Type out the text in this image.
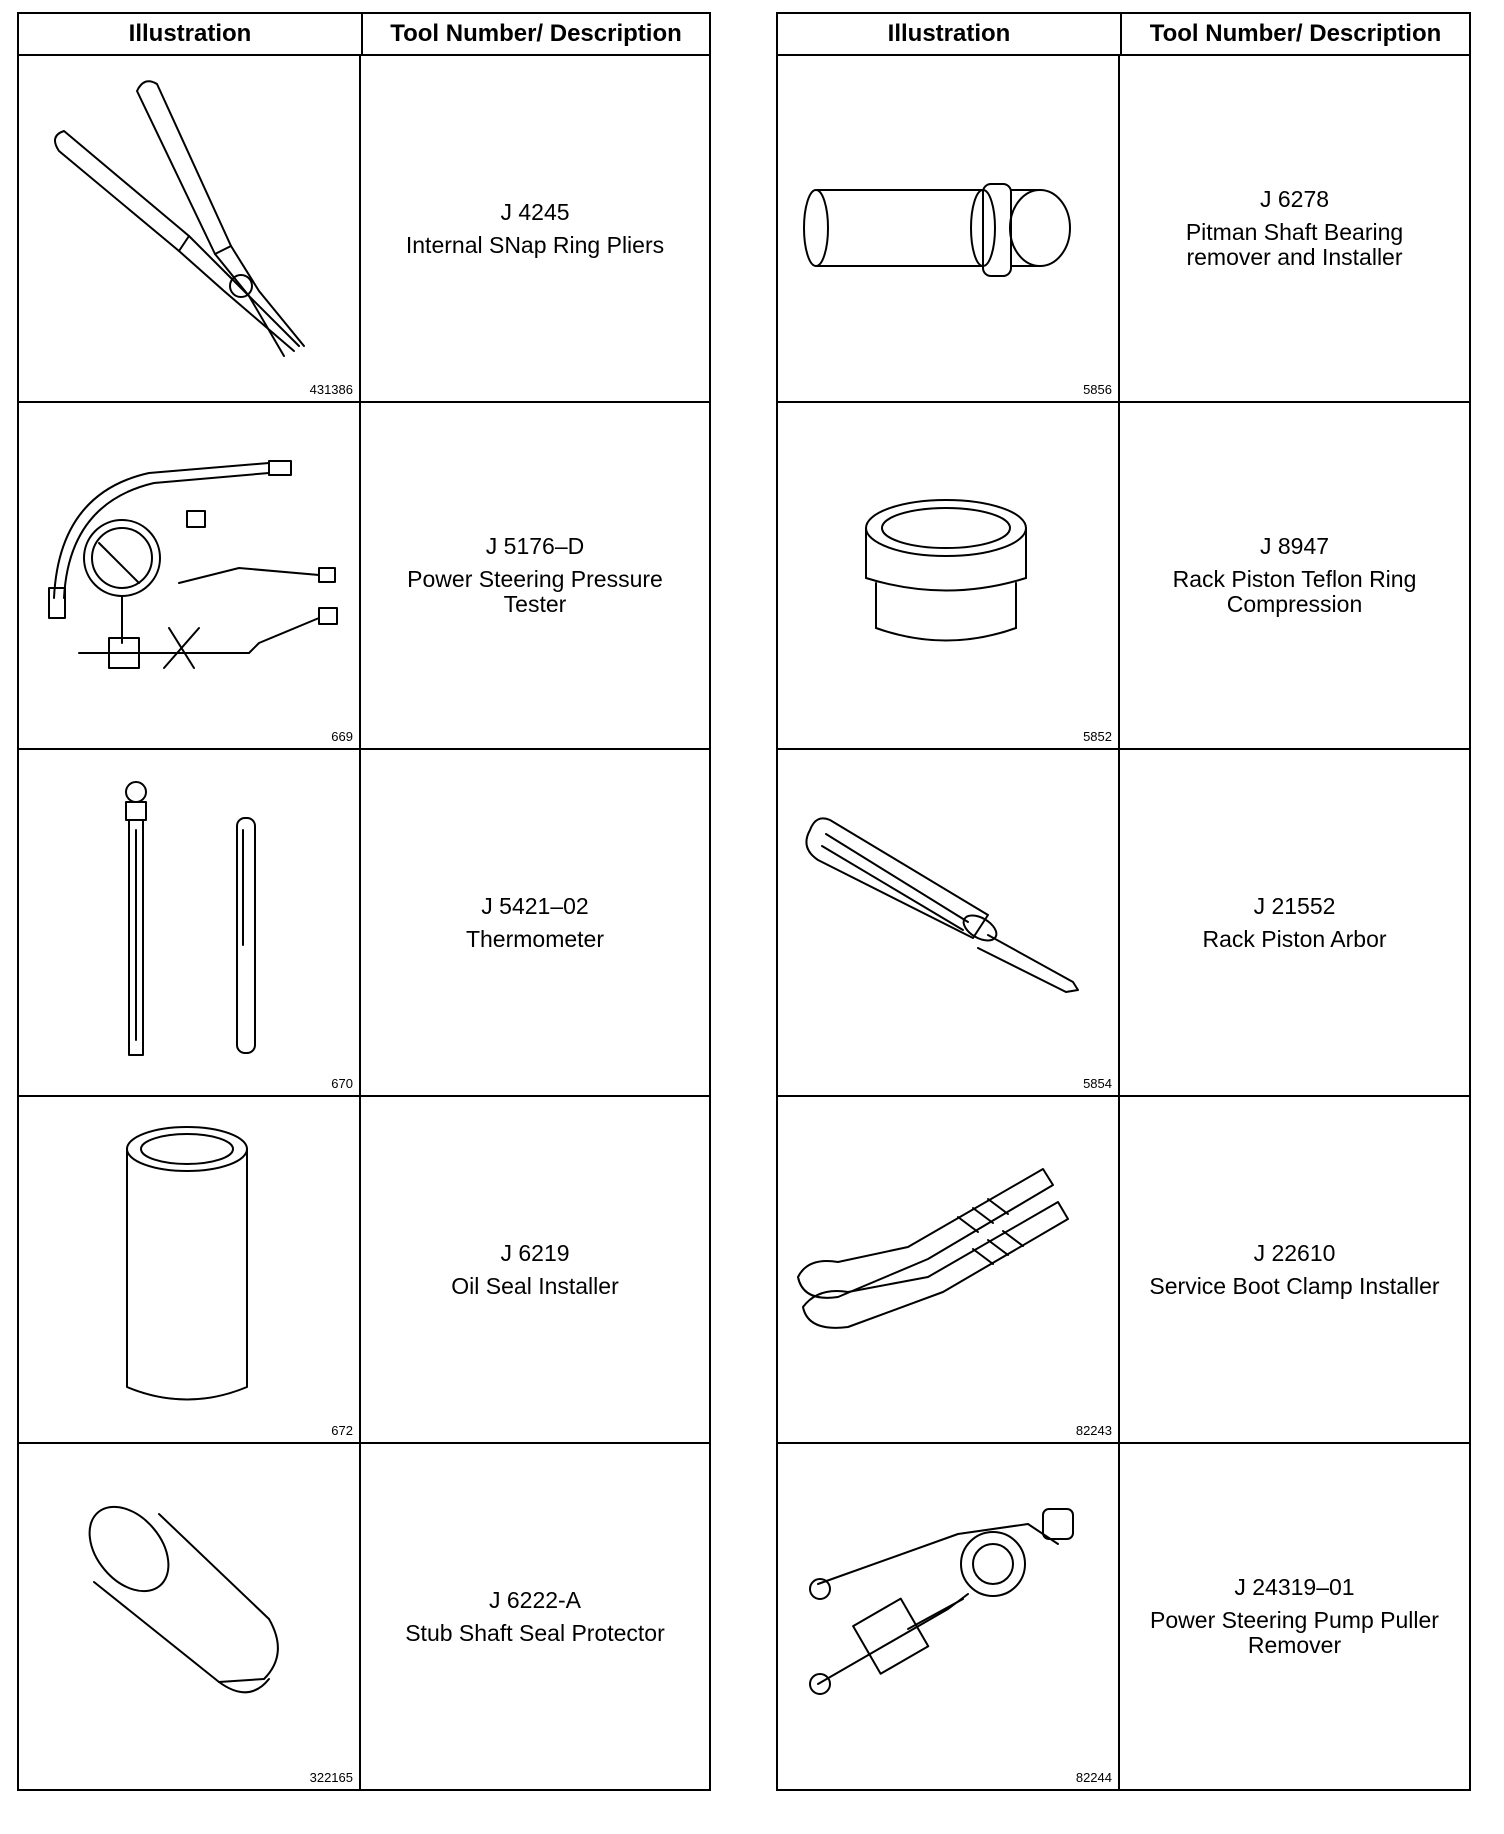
Illustration	Tool Number/ Description
431386
J 4245
Internal SNap Ring Pliers
669
J 5176–D
Power Steering Pressure
Tester
670
J 5421–02
Thermometer
672
J 6219
Oil Seal Installer
322165
J 6222-A
Stub Shaft Seal Protector
Illustration	Tool Number/ Description
5856
J 6278
Pitman Shaft Bearing
remover and Installer
5852
J 8947
Rack Piston Teflon Ring
Compression
5854
J 21552
Rack Piston Arbor
82243
J 22610
Service Boot Clamp Installer
82244
J 24319–01
Power Steering Pump Puller
Remover
